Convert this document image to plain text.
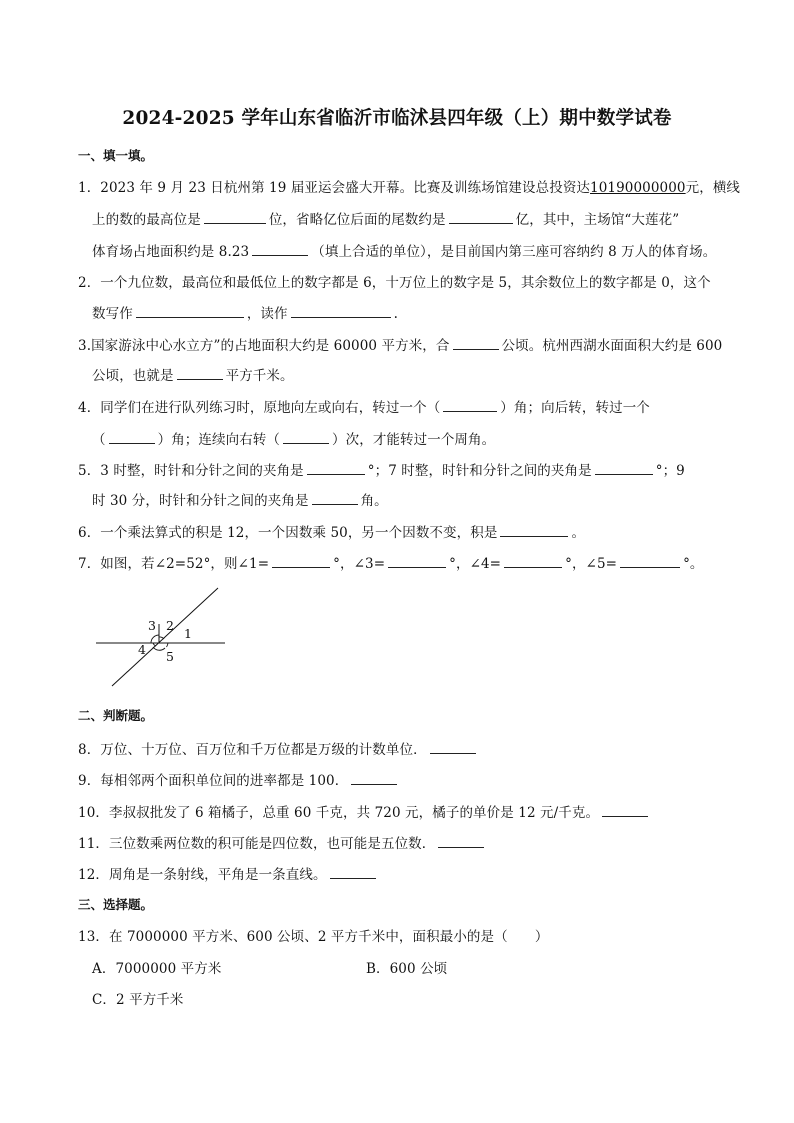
2024-2025 学年山东省临沂市临沭县四年级（上）期中数学试卷
一、填一填。
1．2023 年 9 月 23 日杭州第 19 届亚运会盛大开幕。比赛及训练场馆建设总投资达10190000000元，横线
上的数的最高位是	位，省略亿位后面的尾数约是	亿，其中，主场馆“大莲花”
体育场占地面积约是 8.23	（填上合适的单位），是目前国内第三座可容纳约 8 万人的体育场。
2．一个九位数，最高位和最低位上的数字都是 6，十万位上的数字是 5，其余数位上的数字都是 0，这个
数写作	，读作	.
3.国家游泳中心水立方”的占地面积大约是 60000 平方米，合	公顷。杭州西湖水面面积大约是 600
公顷，也就是	平方千米。
4．同学们在进行队列练习时，原地向左或向右，转过一个（	）角；向后转，转过一个
（	）角；连续向右转（	）次，才能转过一个周角。
5．3 时整，时针和分针之间的夹角是	°；7 时整，时针和分针之间的夹角是	°；9
时 30 分，时针和分针之间的夹角是	角。
6．一个乘法算式的积是 12，一个因数乘 50，另一个因数不变，积是	。
7．如图，若∠2=52°，则∠1=	°，∠3=	°，∠4=	°，∠5=	°。
3 2
1
4 5
二、判断题。
8．万位、十万位、百万位和千万位都是万级的计数单位．
9．每相邻两个面积单位间的进率都是 100．
10．李叔叔批发了 6 箱橘子，总重 60 千克，共 720 元，橘子的单价是 12 元/千克。
11．三位数乘两位数的积可能是四位数，也可能是五位数．
12．周角是一条射线，平角是一条直线。
三、选择题。
13．在 7000000 平方米、600 公顷、2 平方千米中，面积最小的是（　　）
A．7000000 平方米	B．600 公顷
C．2 平方千米
